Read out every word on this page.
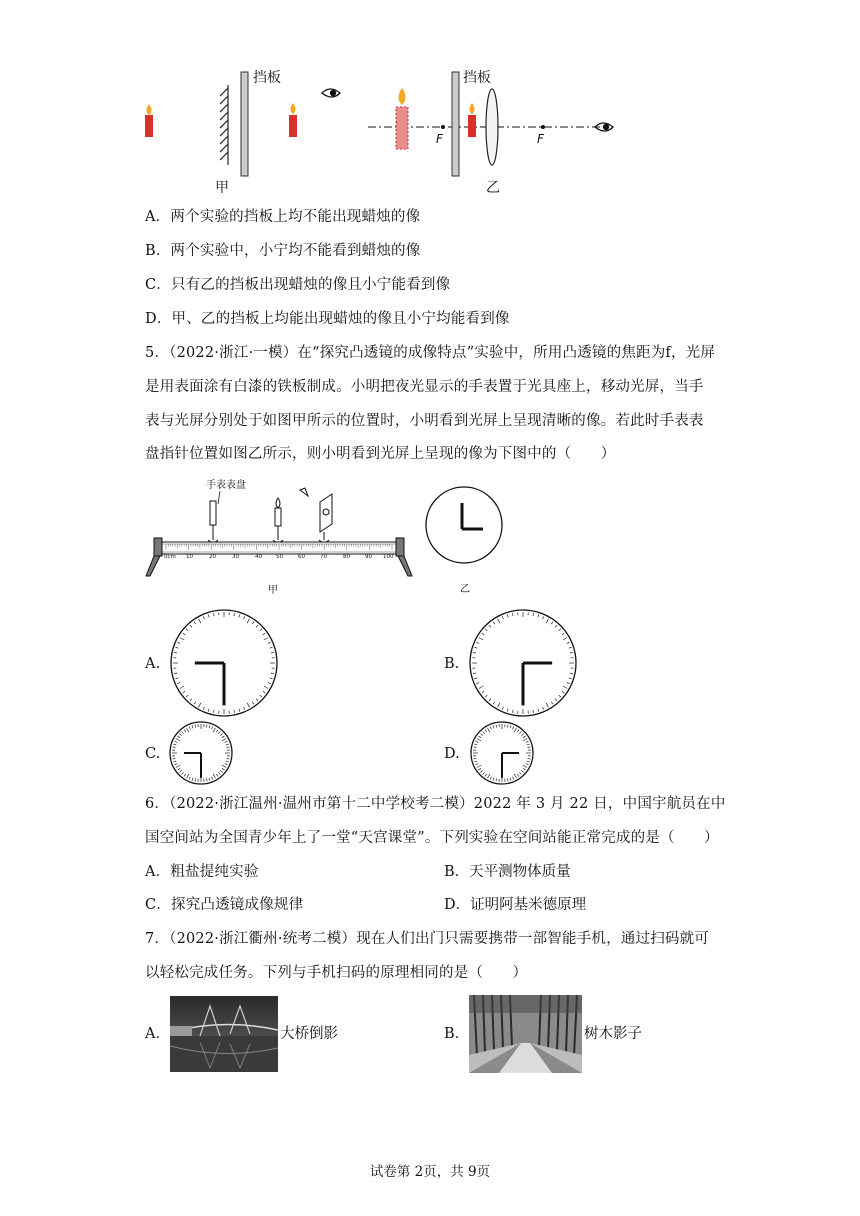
挡板
甲
F
挡板
F
乙
A．两个实验的挡板上均不能出现蜡烛的像
B．两个实验中，小宁均不能看到蜡烛的像
C．只有乙的挡板出现蜡烛的像且小宁能看到像
D．甲、乙的挡板上均能出现蜡烛的像且小宁均能看到像
5．（2022·浙江·一模）在“探究凸透镜的成像特点”实验中，所用凸透镜的焦距为f，光屏
是用表面涂有白漆的铁板制成。小明把夜光显示的手表置于光具座上，移动光屏，当手
表与光屏分别处于如图甲所示的位置时，小明看到光屏上呈现清晰的像。若此时手表表
盘指针位置如图乙所示，则小明看到光屏上呈现的像为下图中的（　　）
手表表盘
0cm 10	20	30	40	50	60	70	80	90 100
甲	乙
A.	B.
C.	D.
6．（2022·浙江温州·温州市第十二中学校考二模）2022 年 3 月 22 日，中国宇航员在中
国空间站为全国青少年上了一堂“天宫课堂”。下列实验在空间站能正常完成的是（　　）
A．粗盐提纯实验	B．天平测物体质量
C．探究凸透镜成像规律	D．证明阿基米德原理
7．（2022·浙江衢州·统考二模）现在人们出门只需要携带一部智能手机，通过扫码就可
以轻松完成任务。下列与手机扫码的原理相同的是（　　）
A．	大桥倒影	B．	树木影子
试卷第 2页，共 9页
